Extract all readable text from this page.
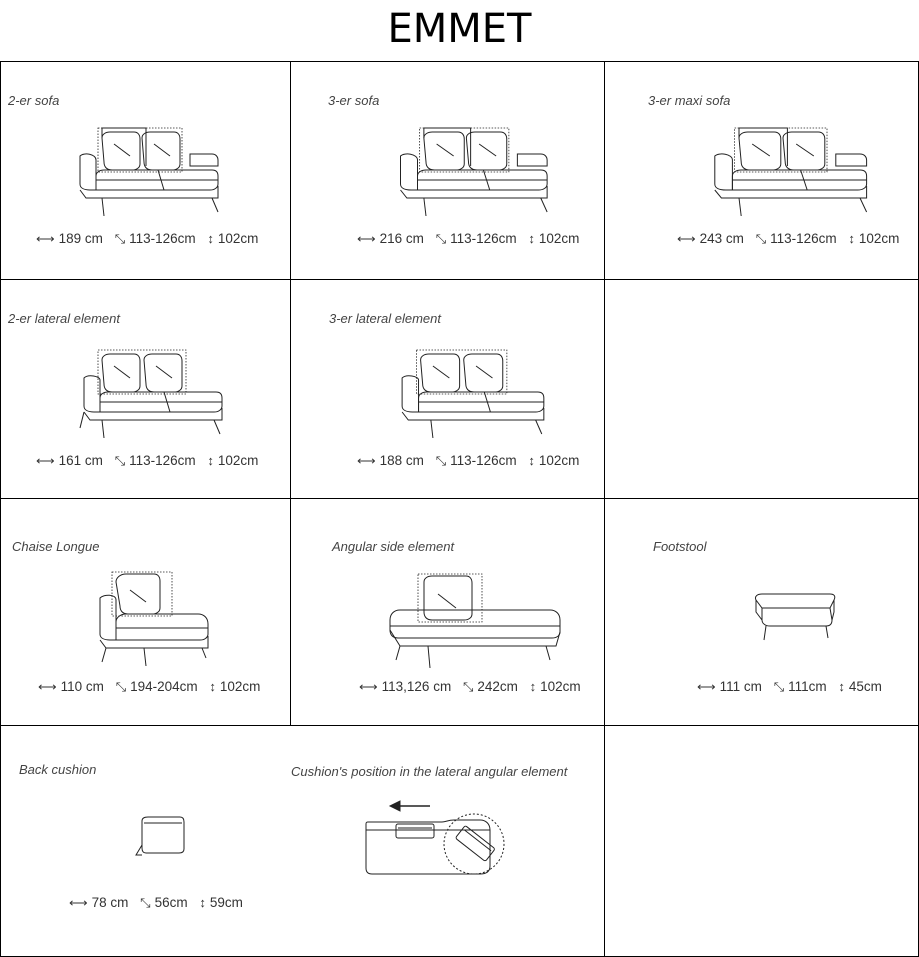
EMMET
2-er sofa
⟷ 189 cm ⤡ 113-126cm ↕ 102cm
3-er sofa
⟷ 216 cm ⤡ 113-126cm ↕ 102cm
3-er maxi sofa
⟷ 243 cm ⤡ 113-126cm ↕ 102cm
2-er lateral element
⟷ 161 cm ⤡ 113-126cm ↕ 102cm
3-er lateral element
⟷ 188 cm ⤡ 113-126cm ↕ 102cm
Chaise Longue
⟷ 110 cm ⤡ 194-204cm ↕ 102cm
Angular side element
⟷ 113,126 cm ⤡ 242cm ↕ 102cm
Footstool
⟷ 111 cm ⤡ 111cm ↕ 45cm
Back cushion
⟷ 78 cm ⤡ 56cm ↕ 59cm
Cushion's position in the lateral angular element
